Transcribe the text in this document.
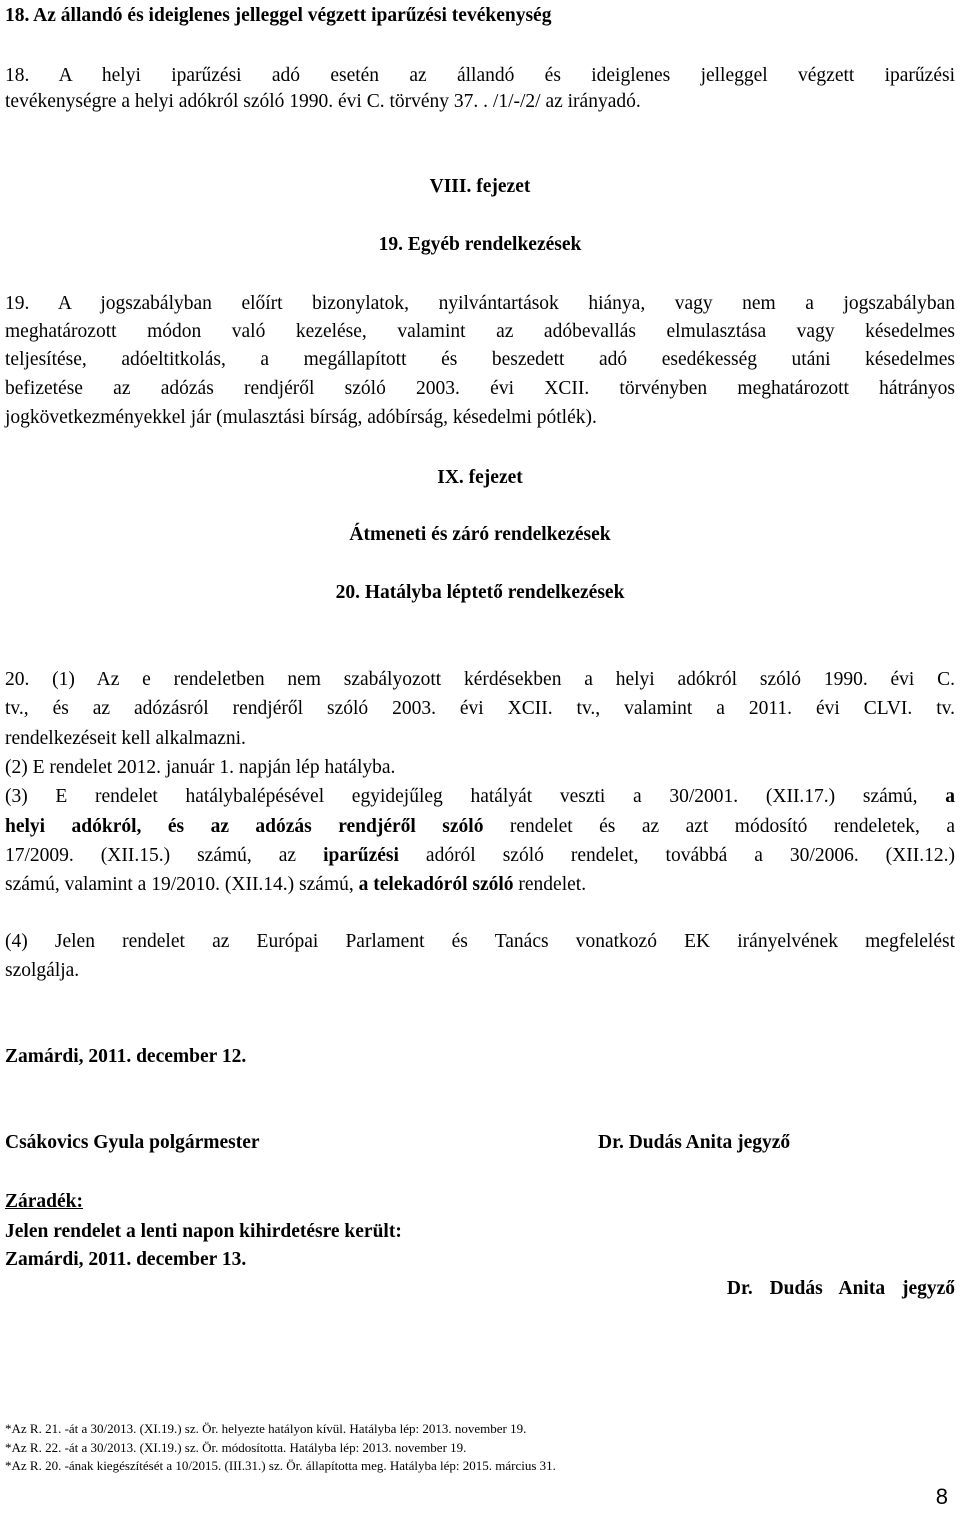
18. Az állandó és ideiglenes jelleggel végzett iparűzési tevékenység

18. A helyi iparűzési adó esetén az állandó és ideiglenes jelleggel végzett iparűzési

tevékenységre a helyi adókról szóló 1990. évi C. törvény 37. . /1/-/2/ az irányadó.

VIII. fejezet

19. Egyéb rendelkezések

19. A jogszabályban előírt bizonylatok, nyilvántartások hiánya, vagy nem a jogszabályban

meghatározott módon való kezelése, valamint az adóbevallás elmulasztása vagy késedelmes

teljesítése, adóeltitkolás, a megállapított és beszedett adó esedékesség utáni késedelmes

befizetése az adózás rendjéről szóló 2003. évi XCII. törvényben meghatározott hátrányos

jogkövetkezményekkel jár (mulasztási bírság, adóbírság, késedelmi pótlék).

IX. fejezet

Átmeneti és záró rendelkezések

20. Hatályba léptető rendelkezések

20. (1) Az e rendeletben nem szabályozott kérdésekben a helyi adókról szóló 1990. évi C.

tv., és az adózásról rendjéről szóló 2003. évi XCII. tv., valamint a 2011. évi CLVI. tv.

rendelkezéseit kell alkalmazni.

(2) E rendelet 2012. január 1. napján lép hatályba.

(3) E rendelet hatálybalépésével egyidejűleg hatályát veszti a 30/2001. (XII.17.) számú, a

helyi adókról, és az adózás rendjéről szóló rendelet és az azt módosító rendeletek, a

17/2009. (XII.15.) számú, az iparűzési adóról szóló rendelet, továbbá a 30/2006. (XII.12.)

számú, valamint a 19/2010. (XII.14.) számú, a telekadóról szóló rendelet.

(4) Jelen rendelet az Európai Parlament és Tanács vonatkozó EK irányelvének megfelelést

szolgálja.

Zamárdi, 2011. december 12.

Csákovics Gyula polgármester	Dr. Dudás Anita jegyző

Záradék:

Jelen rendelet a lenti napon kihirdetésre került:

Zamárdi, 2011. december 13.

Dr. Dudás Anita jegyző

*Az R. 21. -át a 30/2013. (XI.19.) sz. Ör. helyezte hatályon kívül. Hatályba lép: 2013. november 19.

*Az R. 22. -át a 30/2013. (XI.19.) sz. Ör. módosította. Hatályba lép: 2013. november 19.

*Az R. 20. -ának kiegészítését a 10/2015. (III.31.) sz. Ör. állapította meg. Hatályba lép: 2015. március 31.

8
